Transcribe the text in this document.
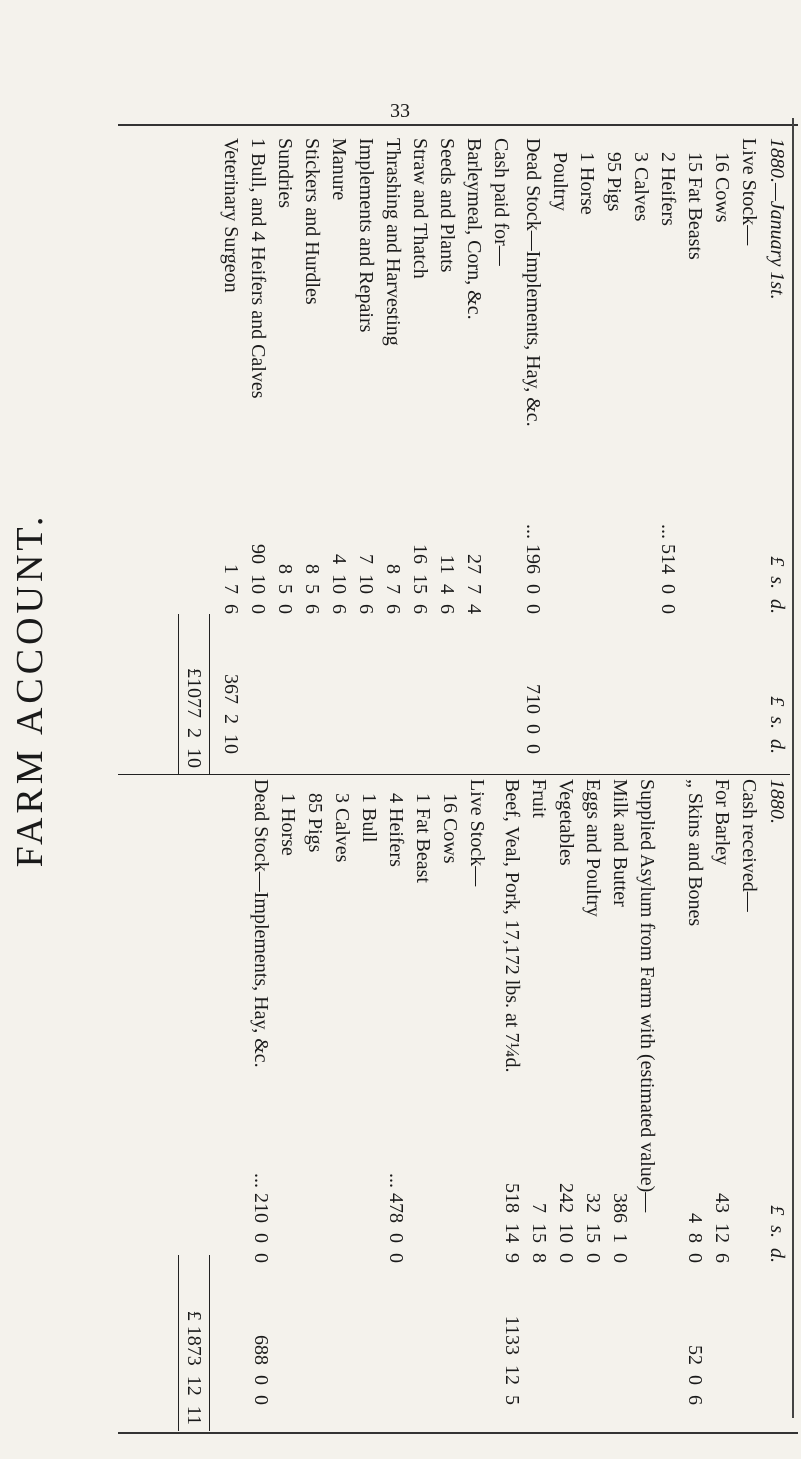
33
FARM ACCOUNT.
1880.—January 1st.
£  s.  d.
£  s.  d.
Live Stock—
16 Cows
15 Fat Beasts
2 Heifers
... 514  0  0
3 Calves
95 Pigs
1 Horse
Poultry
Dead Stock—Implements, Hay, &c.
... 196  0  0
710  0  0
Cash paid for—
Barleymeal, Corn, &c.
27  7  4
Seeds and Plants
11  4  6
Straw and Thatch
16  15  6
Thrashing and Harvesting
8  7  6
Implements and Repairs
7  10  6
Manure
4  10  6
Stickers and Hurdles
8  5  6
Sundries
8  5  0
1 Bull, and 4 Heifers and Calves
90  10  0
Veterinary Surgeon
1  7  6
367  2  10
£1077  2  10
1880.
£  s.  d.
Cash received—
For Barley
43  12  6
„ Skins and Bones
4  8  0
52  0  6
Supplied Asylum from Farm with (estimated value)—
Milk and Butter
386  1  0
Eggs and Poultry
32  15  0
Vegetables
242  10  0
Fruit
7  15  8
Beef, Veal, Pork, 17,172 lbs. at 7¼d.
518  14  9
1133  12  5
Live Stock—
16 Cows
1 Fat Beast
4 Heifers
... 478  0  0
1 Bull
3 Calves
85 Pigs
1 Horse
Dead Stock—Implements, Hay, &c.
... 210  0  0
688  0  0
£ 1873  12  11
